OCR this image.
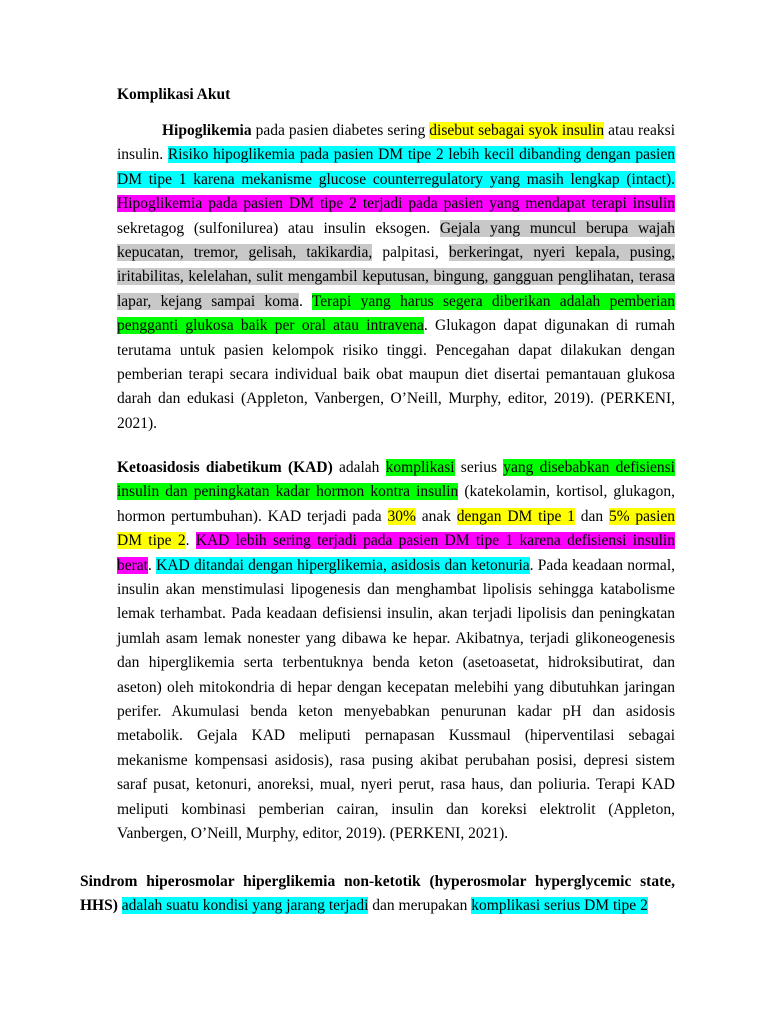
Komplikasi Akut
Hipoglikemia pada pasien diabetes sering disebut sebagai syok insulin atau reaksi insulin. Risiko hipoglikemia pada pasien DM tipe 2 lebih kecil dibanding dengan pasien DM tipe 1 karena mekanisme glucose counterregulatory yang masih lengkap (intact). Hipoglikemia pada pasien DM tipe 2 terjadi pada pasien yang mendapat terapi insulin sekretagog (sulfonilurea) atau insulin eksogen. Gejala yang muncul berupa wajah kepucatan, tremor, gelisah, takikardia, palpitasi, berkeringat, nyeri kepala, pusing, iritabilitas, kelelahan, sulit mengambil keputusan, bingung, gangguan penglihatan, terasa lapar, kejang sampai koma. Terapi yang harus segera diberikan adalah pemberian pengganti glukosa baik per oral atau intravena. Glukagon dapat digunakan di rumah terutama untuk pasien kelompok risiko tinggi. Pencegahan dapat dilakukan dengan pemberian terapi secara individual baik obat maupun diet disertai pemantauan glukosa darah dan edukasi (Appleton, Vanbergen, O’Neill, Murphy, editor, 2019). (PERKENI, 2021).
Ketoasidosis diabetikum (KAD) adalah komplikasi serius yang disebabkan defisiensi insulin dan peningkatan kadar hormon kontra insulin (katekolamin, kortisol, glukagon, hormon pertumbuhan). KAD terjadi pada 30% anak dengan DM tipe 1 dan 5% pasien DM tipe 2. KAD lebih sering terjadi pada pasien DM tipe 1 karena defisiensi insulin berat. KAD ditandai dengan hiperglikemia, asidosis dan ketonuria. Pada keadaan normal, insulin akan menstimulasi lipogenesis dan menghambat lipolisis sehingga katabolisme lemak terhambat. Pada keadaan defisiensi insulin, akan terjadi lipolisis dan peningkatan jumlah asam lemak nonester yang dibawa ke hepar. Akibatnya, terjadi glikoneogenesis dan hiperglikemia serta terbentuknya benda keton (asetoasetat, hidroksibutirat, dan aseton) oleh mitokondria di hepar dengan kecepatan melebihi yang dibutuhkan jaringan perifer. Akumulasi benda keton menyebabkan penurunan kadar pH dan asidosis metabolik. Gejala KAD meliputi pernapasan Kussmaul (hiperventilasi sebagai mekanisme kompensasi asidosis), rasa pusing akibat perubahan posisi, depresi sistem saraf pusat, ketonuri, anoreksi, mual, nyeri perut, rasa haus, dan poliuria. Terapi KAD meliputi kombinasi pemberian cairan, insulin dan koreksi elektrolit (Appleton, Vanbergen, O’Neill, Murphy, editor, 2019). (PERKENI, 2021).
Sindrom hiperosmolar hiperglikemia non-ketotik (hyperosmolar hyperglycemic state, HHS) adalah suatu kondisi yang jarang terjadi dan merupakan komplikasi serius DM tipe 2
